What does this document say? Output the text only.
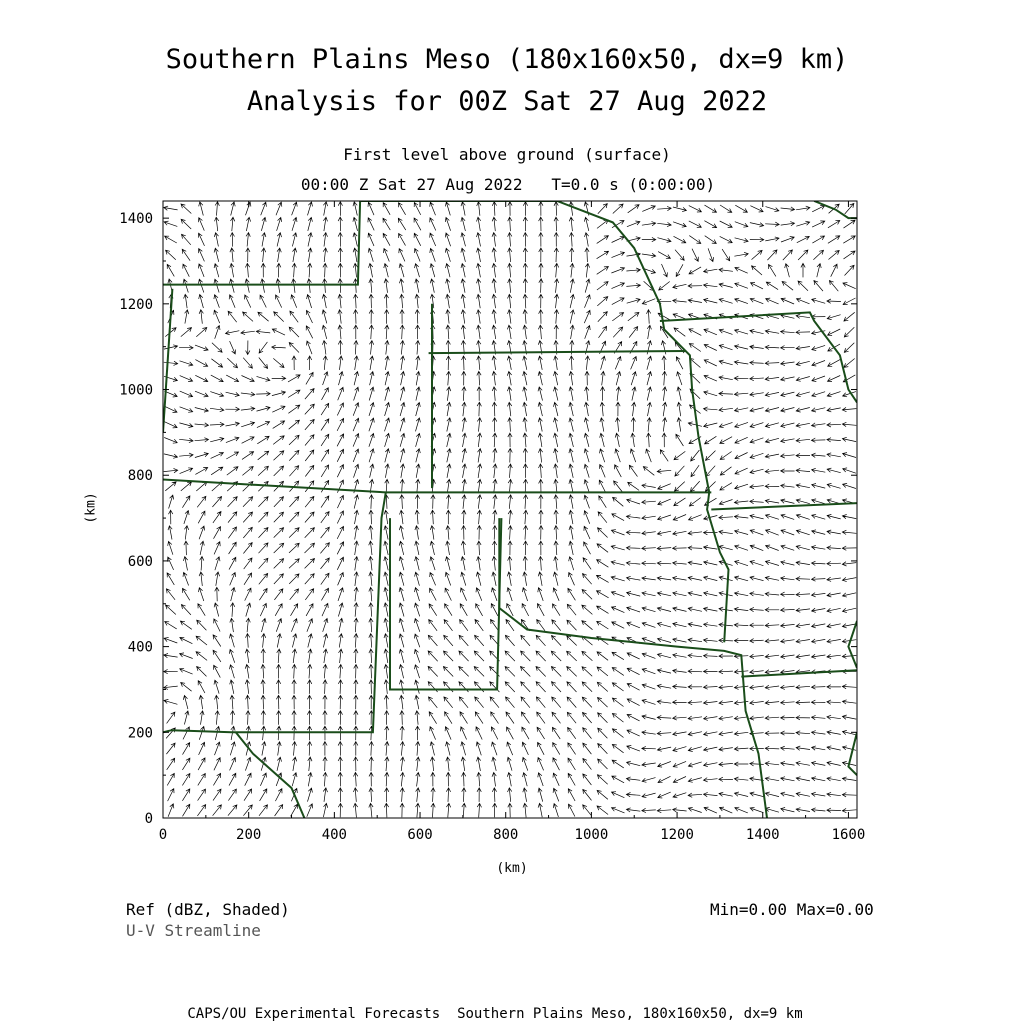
Southern Plains Meso (180x160x50, dx=9 km)
Analysis for 00Z Sat 27 Aug 2022
First level above ground (surface)
00:00 Z Sat 27 Aug 2022   T=0.0 s (0:00:00)
0	200	400	600	800	1000	1200	1400	1600
0
200
400
600
800
1000
1200
1400
(km)
(km)
Ref (dBZ, Shaded)
U-V Streamline
Min=0.00 Max=0.00
CAPS/OU Experimental Forecasts  Southern Plains Meso, 180x160x50, dx=9 km
